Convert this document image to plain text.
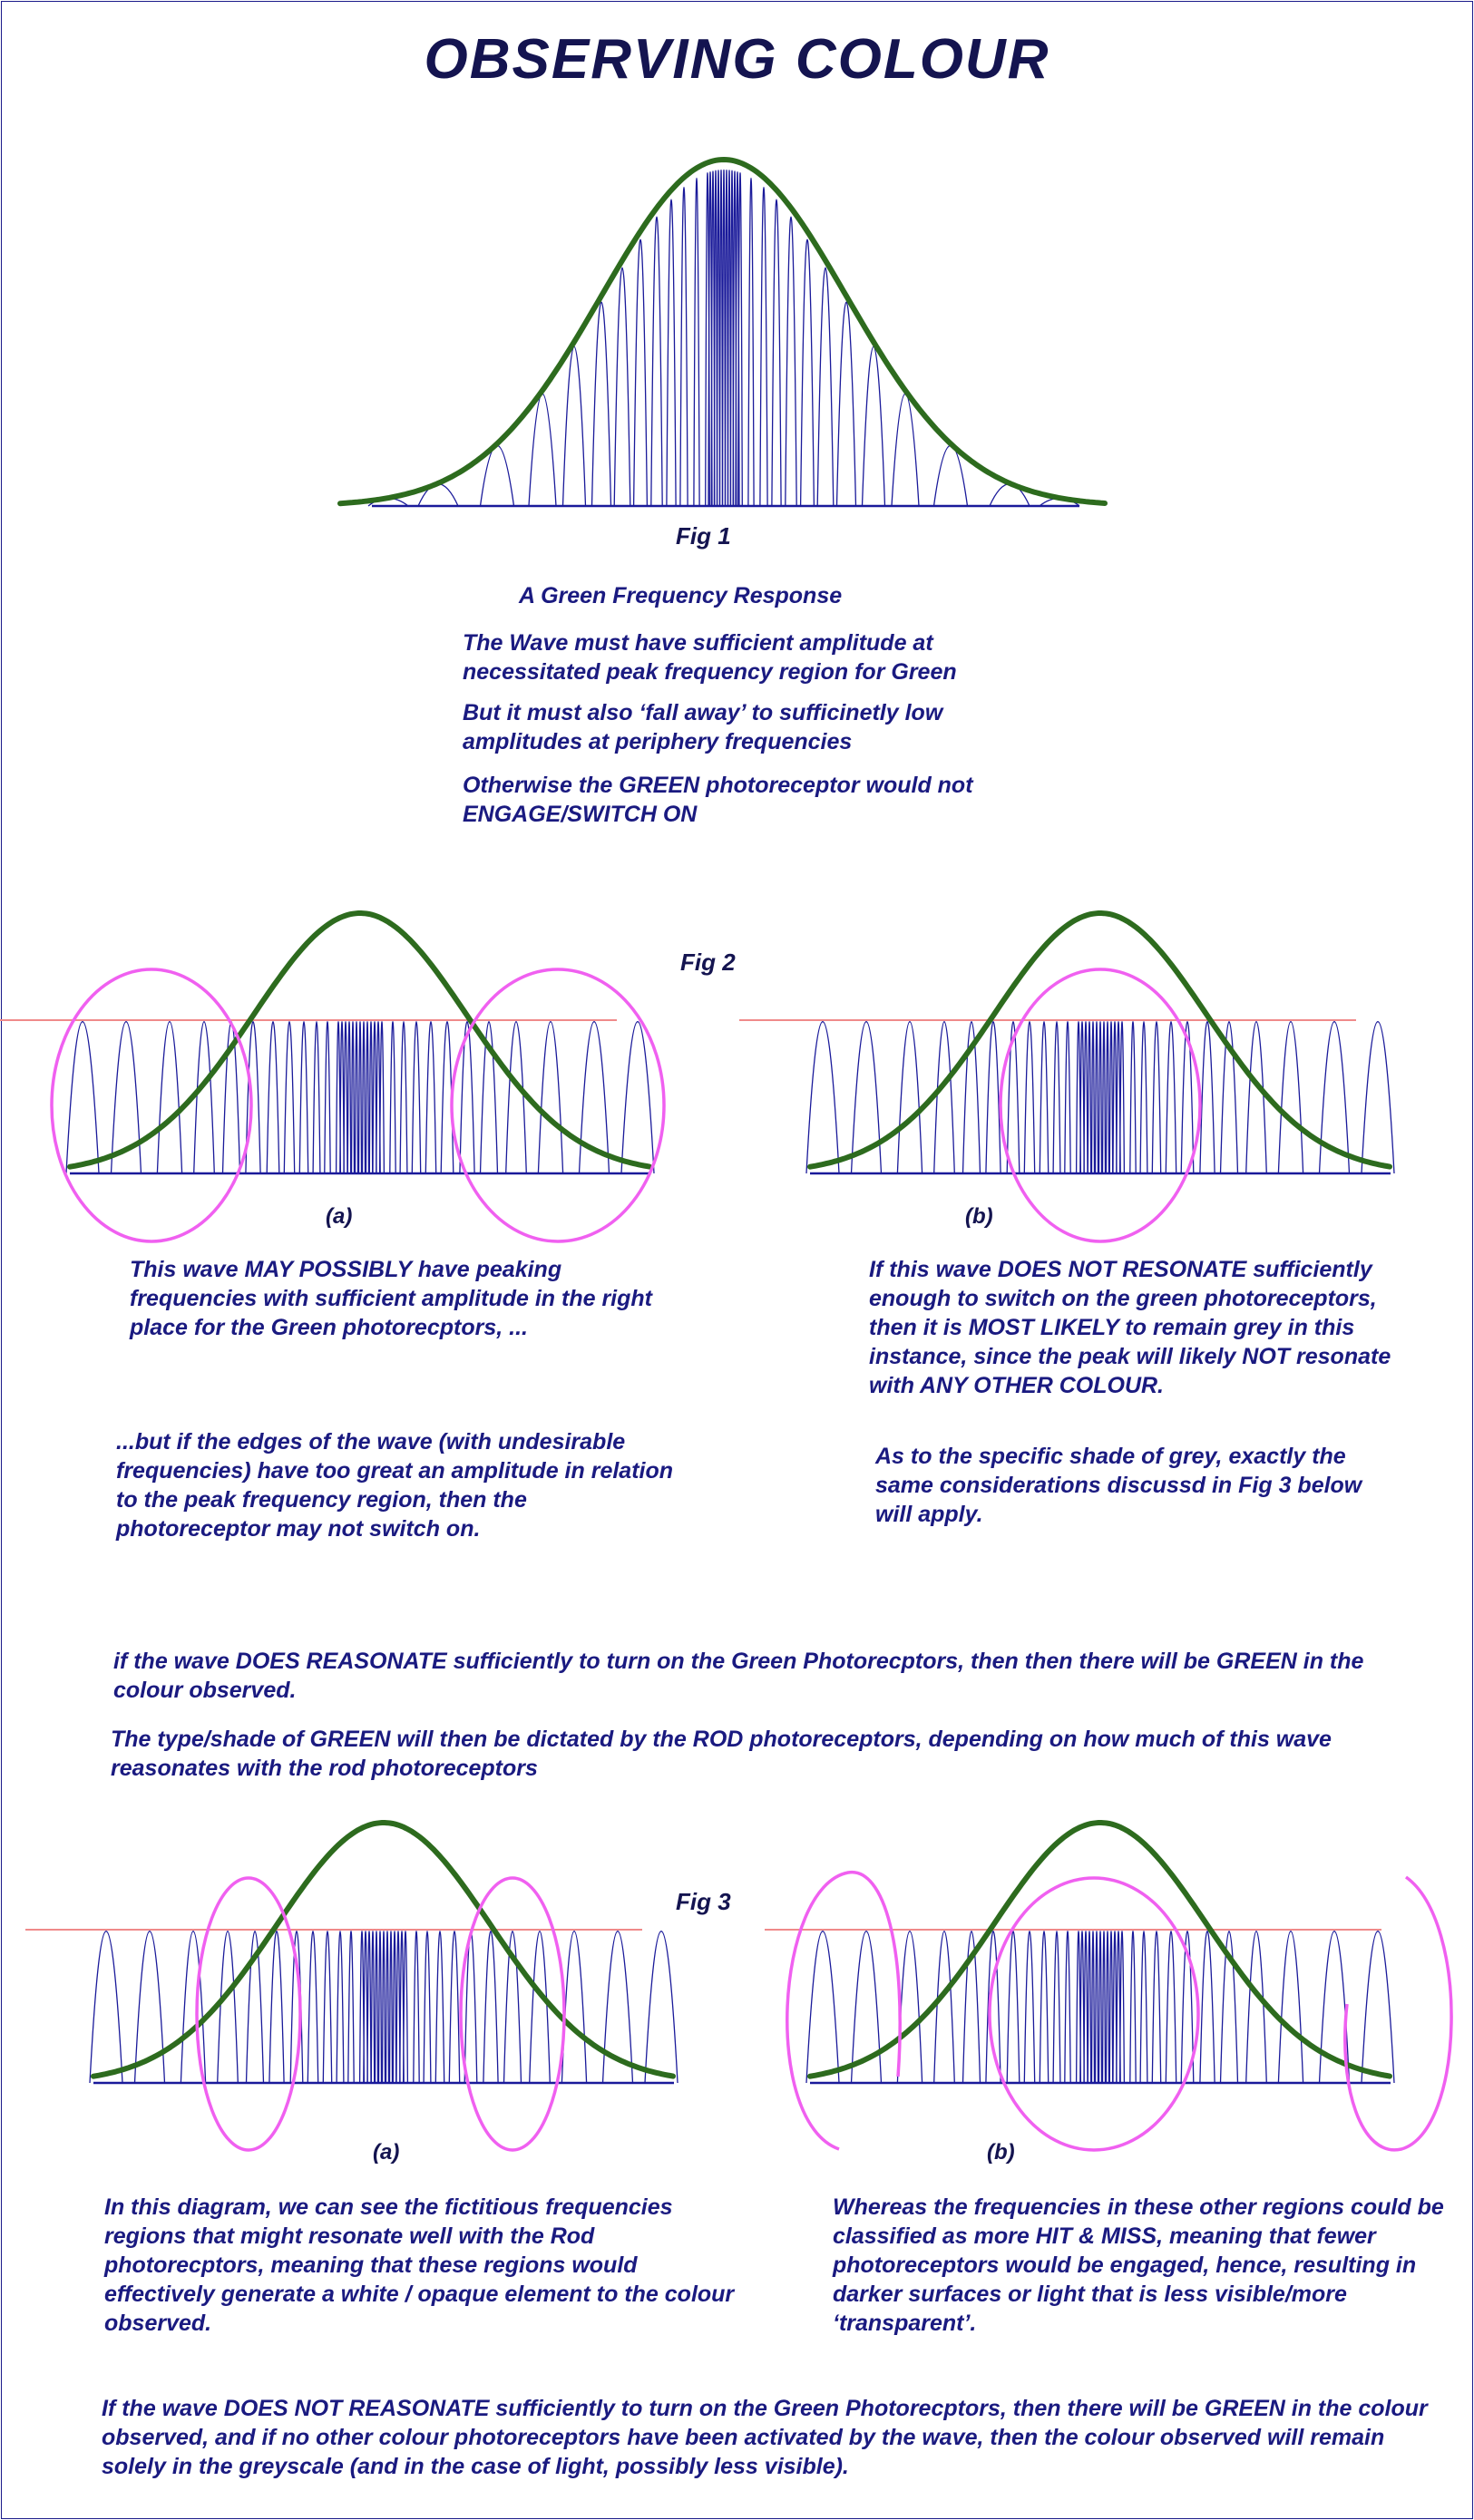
OBSERVING COLOUR
Fig 1

A Green Frequency Response

The Wave must have sufficient amplitude at necessitated peak frequency region for Green

But it must also ‘fall away’ to sufficinetly low amplitudes at periphery frequencies

Otherwise the GREEN photoreceptor would not ENGAGE/SWITCH ON

Fig 2
(a)	(b)

This wave MAY POSSIBLY have peaking frequencies with sufficient amplitude in the right place for the Green photorecptors, ...

...but if the edges of the wave (with undesirable frequencies) have too great an amplitude in relation to the peak frequency region, then the photoreceptor may not switch on.

If this wave DOES NOT RESONATE sufficiently enough to switch on the green photoreceptors, then it is MOST LIKELY to remain grey in this instance, since the peak will likely NOT resonate with ANY OTHER COLOUR.

As to the specific shade of grey, exactly the same considerations discussd in Fig 3 below will apply.

if the wave DOES REASONATE sufficiently to turn on the Green Photorecptors, then then there will be GREEN in the colour observed.

The type/shade of GREEN will then be dictated by the ROD photoreceptors, depending on how much of this wave reasonates with the rod photoreceptors

Fig 3
(a)	(b)

In this diagram, we can see the fictitious frequencies regions that might resonate well with the Rod photorecptors, meaning that these regions would effectively generate a white / opaque element to the colour observed.

Whereas the frequencies in these other regions could be classified as more HIT & MISS, meaning that fewer photoreceptors would be engaged, hence, resulting in darker surfaces or light that is less visible/more ‘transparent’.

If the wave DOES NOT REASONATE sufficiently to turn on the Green Photorecptors, then there will be GREEN in the colour observed, and if no other colour photoreceptors have been activated by the wave, then the colour observed will remain solely in the greyscale (and in the case of light, possibly less visible).
